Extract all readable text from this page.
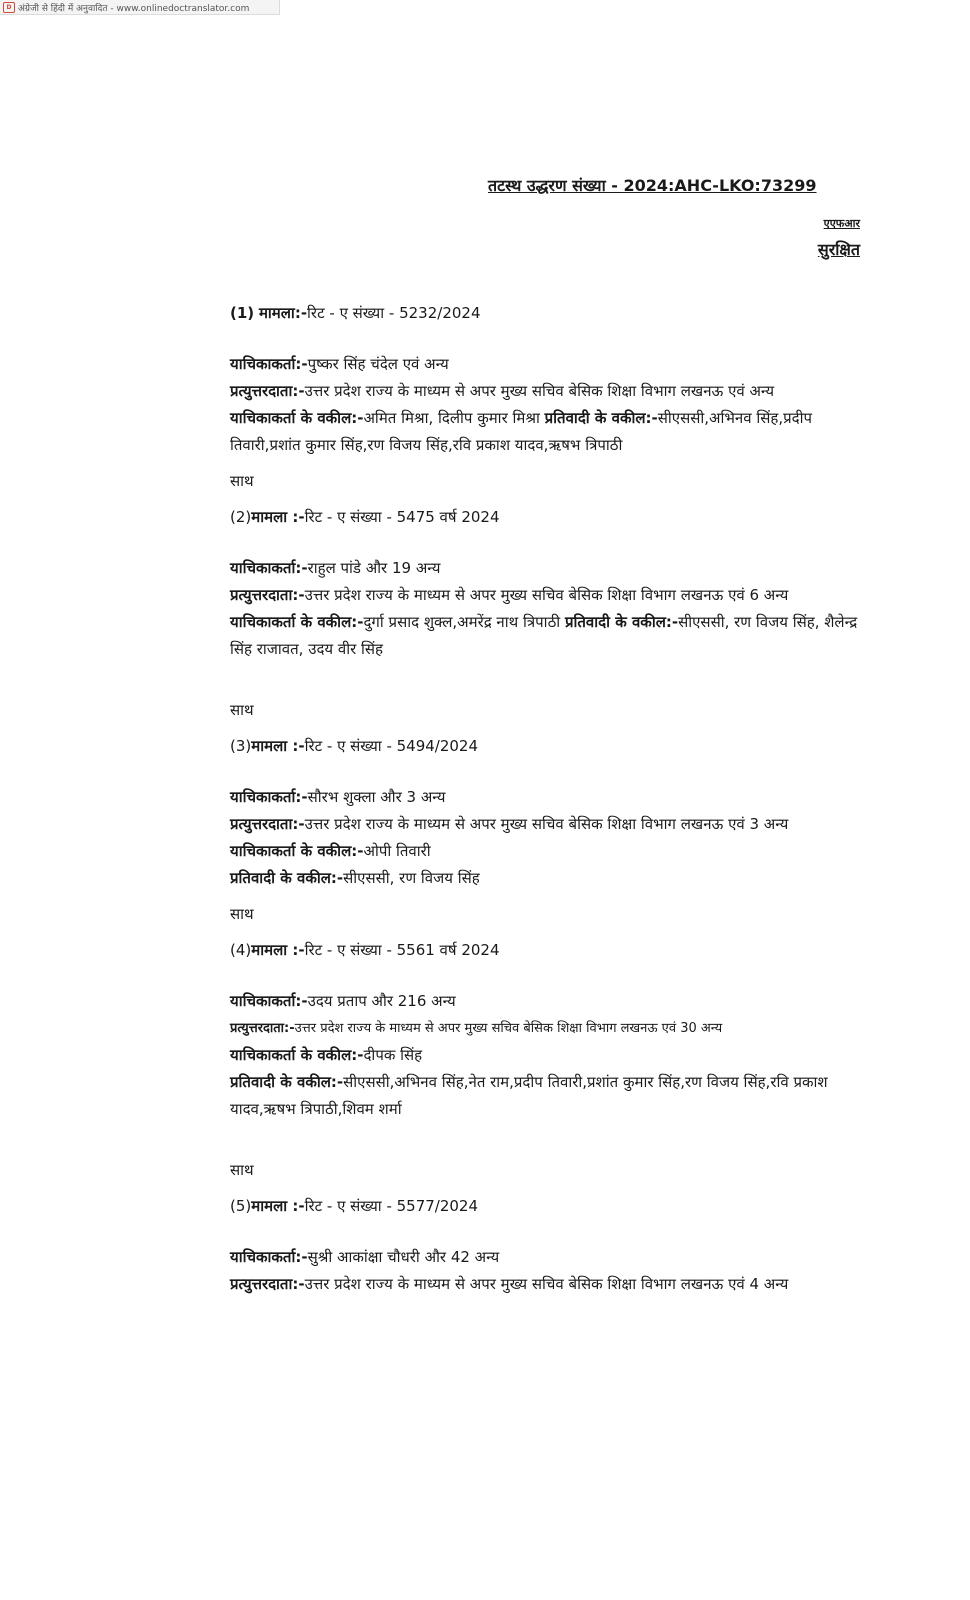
D अंग्रेजी से हिंदी में अनुवादित - www.onlinedoctranslator.com
तटस्थ उद्धरण संख्या - 2024:AHC-LKO:73299
एएफआर
सुरक्षित

(1) मामला:-रिट - ए संख्या - 5232/2024

याचिकाकर्ता:-पुष्कर सिंह चंदेल एवं अन्य

प्रत्युत्तरदाता:-उत्तर प्रदेश राज्य के माध्यम से अपर मुख्य सचिव बेसिक शिक्षा विभाग लखनऊ एवं अन्य

याचिकाकर्ता के वकील:-अमित मिश्रा, दिलीप कुमार मिश्रा प्रतिवादी के वकील:-सीएससी,अभिनव सिंह,प्रदीप तिवारी,प्रशांत कुमार सिंह,रण विजय सिंह,रवि प्रकाश यादव,ऋषभ त्रिपाठी

साथ

(2)मामला :-रिट - ए संख्या - 5475 वर्ष 2024

याचिकाकर्ता:-राहुल पांडे और 19 अन्य

प्रत्युत्तरदाता:-उत्तर प्रदेश राज्य के माध्यम से अपर मुख्य सचिव बेसिक शिक्षा विभाग लखनऊ एवं 6 अन्य

याचिकाकर्ता के वकील:-दुर्गा प्रसाद शुक्ल,अमरेंद्र नाथ त्रिपाठी प्रतिवादी के वकील:-सीएससी, रण विजय सिंह, शैलेन्द्र सिंह राजावत, उदय वीर सिंह

साथ

(3)मामला :-रिट - ए संख्या - 5494/2024

याचिकाकर्ता:-सौरभ शुक्ला और 3 अन्य

प्रत्युत्तरदाता:-उत्तर प्रदेश राज्य के माध्यम से अपर मुख्य सचिव बेसिक शिक्षा विभाग लखनऊ एवं 3 अन्य

याचिकाकर्ता के वकील:-ओपी तिवारी

प्रतिवादी के वकील:-सीएससी, रण विजय सिंह

साथ

(4)मामला :-रिट - ए संख्या - 5561 वर्ष 2024

याचिकाकर्ता:-उदय प्रताप और 216 अन्य

प्रत्युत्तरदाता:-उत्तर प्रदेश राज्य के माध्यम से अपर मुख्य सचिव बेसिक शिक्षा विभाग लखनऊ एवं 30 अन्य

याचिकाकर्ता के वकील:-दीपक सिंह

प्रतिवादी के वकील:-सीएससी,अभिनव सिंह,नेत राम,प्रदीप तिवारी,प्रशांत कुमार सिंह,रण विजय सिंह,रवि प्रकाश यादव,ऋषभ त्रिपाठी,शिवम शर्मा

साथ

(5)मामला :-रिट - ए संख्या - 5577/2024

याचिकाकर्ता:-सुश्री आकांक्षा चौधरी और 42 अन्य

प्रत्युत्तरदाता:-उत्तर प्रदेश राज्य के माध्यम से अपर मुख्य सचिव बेसिक शिक्षा विभाग लखनऊ एवं 4 अन्य
